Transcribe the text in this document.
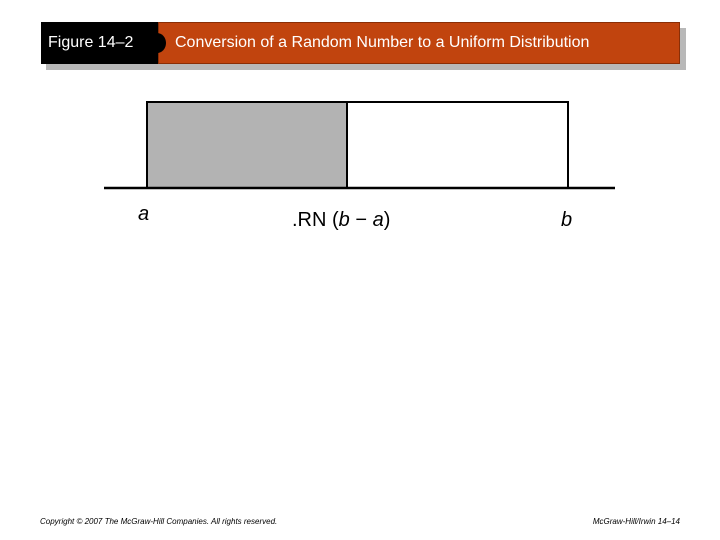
Conversion of a Random Number to a Uniform Distribution
Figure 14–2
a	.RN (b − a)	b
Copyright © 2007 The McGraw-Hill Companies. All rights reserved.	McGraw-Hill/Irwin 14–14
